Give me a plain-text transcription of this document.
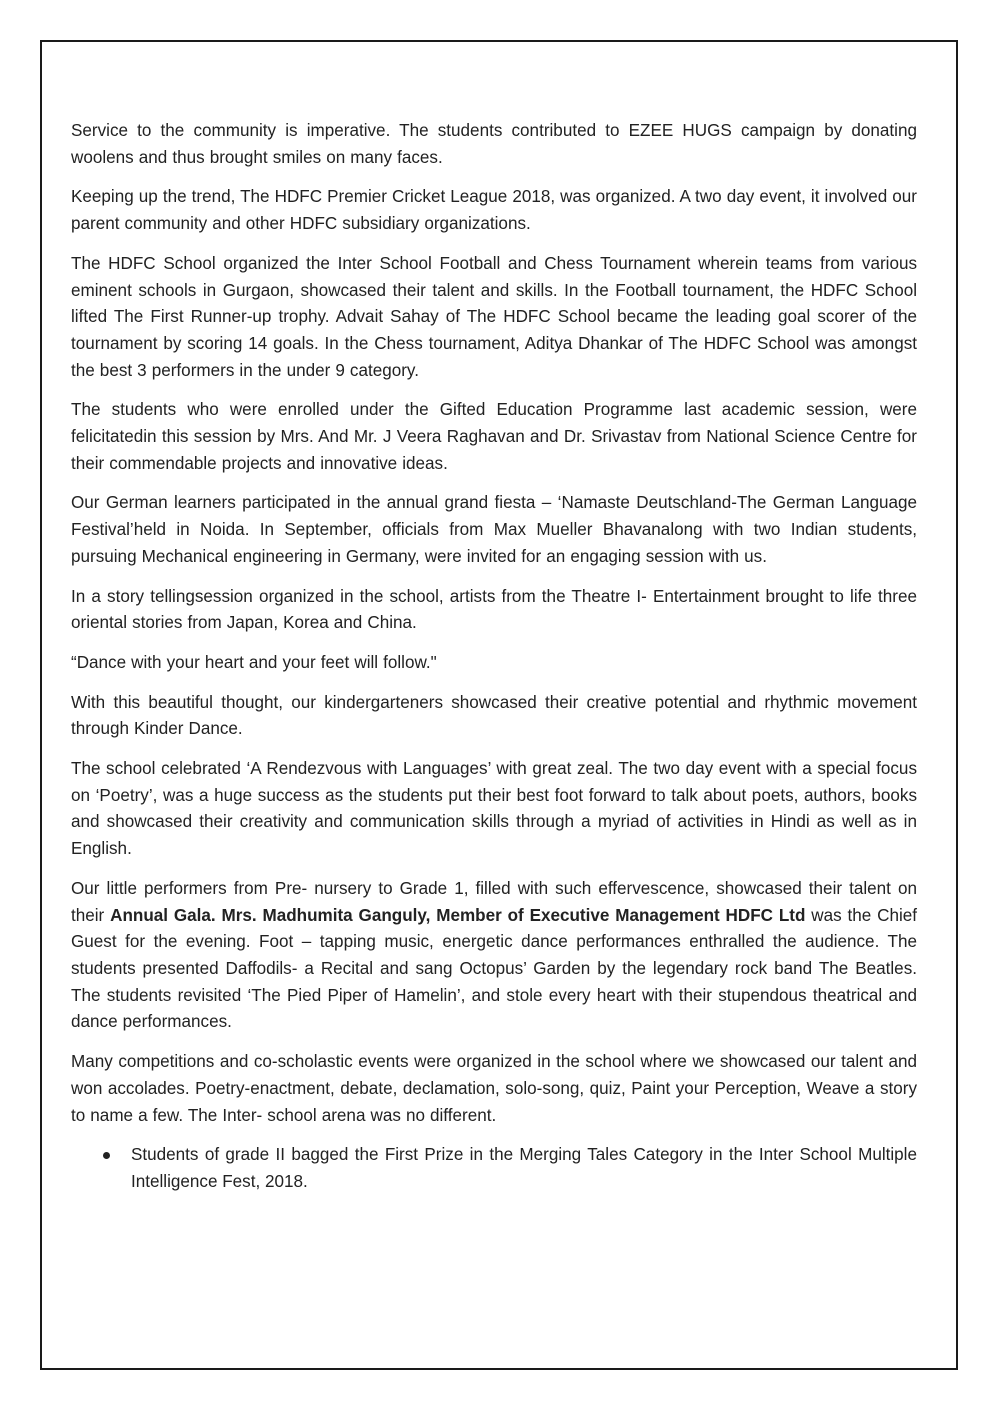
Service to the community is imperative. The students contributed to EZEE HUGS campaign by donating woolens and thus brought smiles on many faces.

Keeping up the trend, The HDFC Premier Cricket League 2018, was organized. A two day event, it involved our parent community and other HDFC subsidiary organizations.

The HDFC School organized the Inter School Football and Chess Tournament wherein teams from various eminent schools in Gurgaon, showcased their talent and skills. In the Football tournament, the HDFC School lifted The First Runner-up trophy. Advait Sahay of The HDFC School became the leading goal scorer of the tournament by scoring 14 goals. In the Chess tournament, Aditya Dhankar of The HDFC School was amongst the best 3 performers in the under 9 category.

The students who were enrolled under the Gifted Education Programme last academic session, were felicitatedin this session by Mrs. And Mr. J Veera Raghavan and Dr. Srivastav from National Science Centre for their commendable projects and innovative ideas.

Our German learners participated in the annual grand fiesta – ‘Namaste Deutschland-The German Language Festival’held in Noida. In September, officials from Max Mueller Bhavanalong with two Indian students, pursuing Mechanical engineering in Germany, were invited for an engaging session with us.

In a story tellingsession organized in the school, artists from the Theatre I- Entertainment brought to life three oriental stories from Japan, Korea and China.

“Dance with your heart and your feet will follow."

With this beautiful thought, our kindergarteners showcased their creative potential and rhythmic movement through Kinder Dance.

The school celebrated ‘A Rendezvous with Languages’ with great zeal. The two day event with a special focus on ‘Poetry’, was a huge success as the students put their best foot forward to talk about poets, authors, books and showcased their creativity and communication skills through a myriad of activities in Hindi as well as in English.

Our little performers from Pre- nursery to Grade 1, filled with such effervescence, showcased their talent on their Annual Gala. Mrs. Madhumita Ganguly, Member of Executive Management HDFC Ltd was the Chief Guest for the evening. Foot – tapping music, energetic dance performances enthralled the audience. The students presented Daffodils- a Recital and sang Octopus’ Garden by the legendary rock band The Beatles. The students revisited ‘The Pied Piper of Hamelin’, and stole every heart with their stupendous theatrical and dance performances.

Many competitions and co-scholastic events were organized in the school where we showcased our talent and won accolades. Poetry-enactment, debate, declamation, solo-song, quiz, Paint your Perception, Weave a story to name a few. The Inter- school arena was no different.

Students of grade II bagged the First Prize in the Merging Tales Category in the Inter School Multiple Intelligence Fest, 2018.
